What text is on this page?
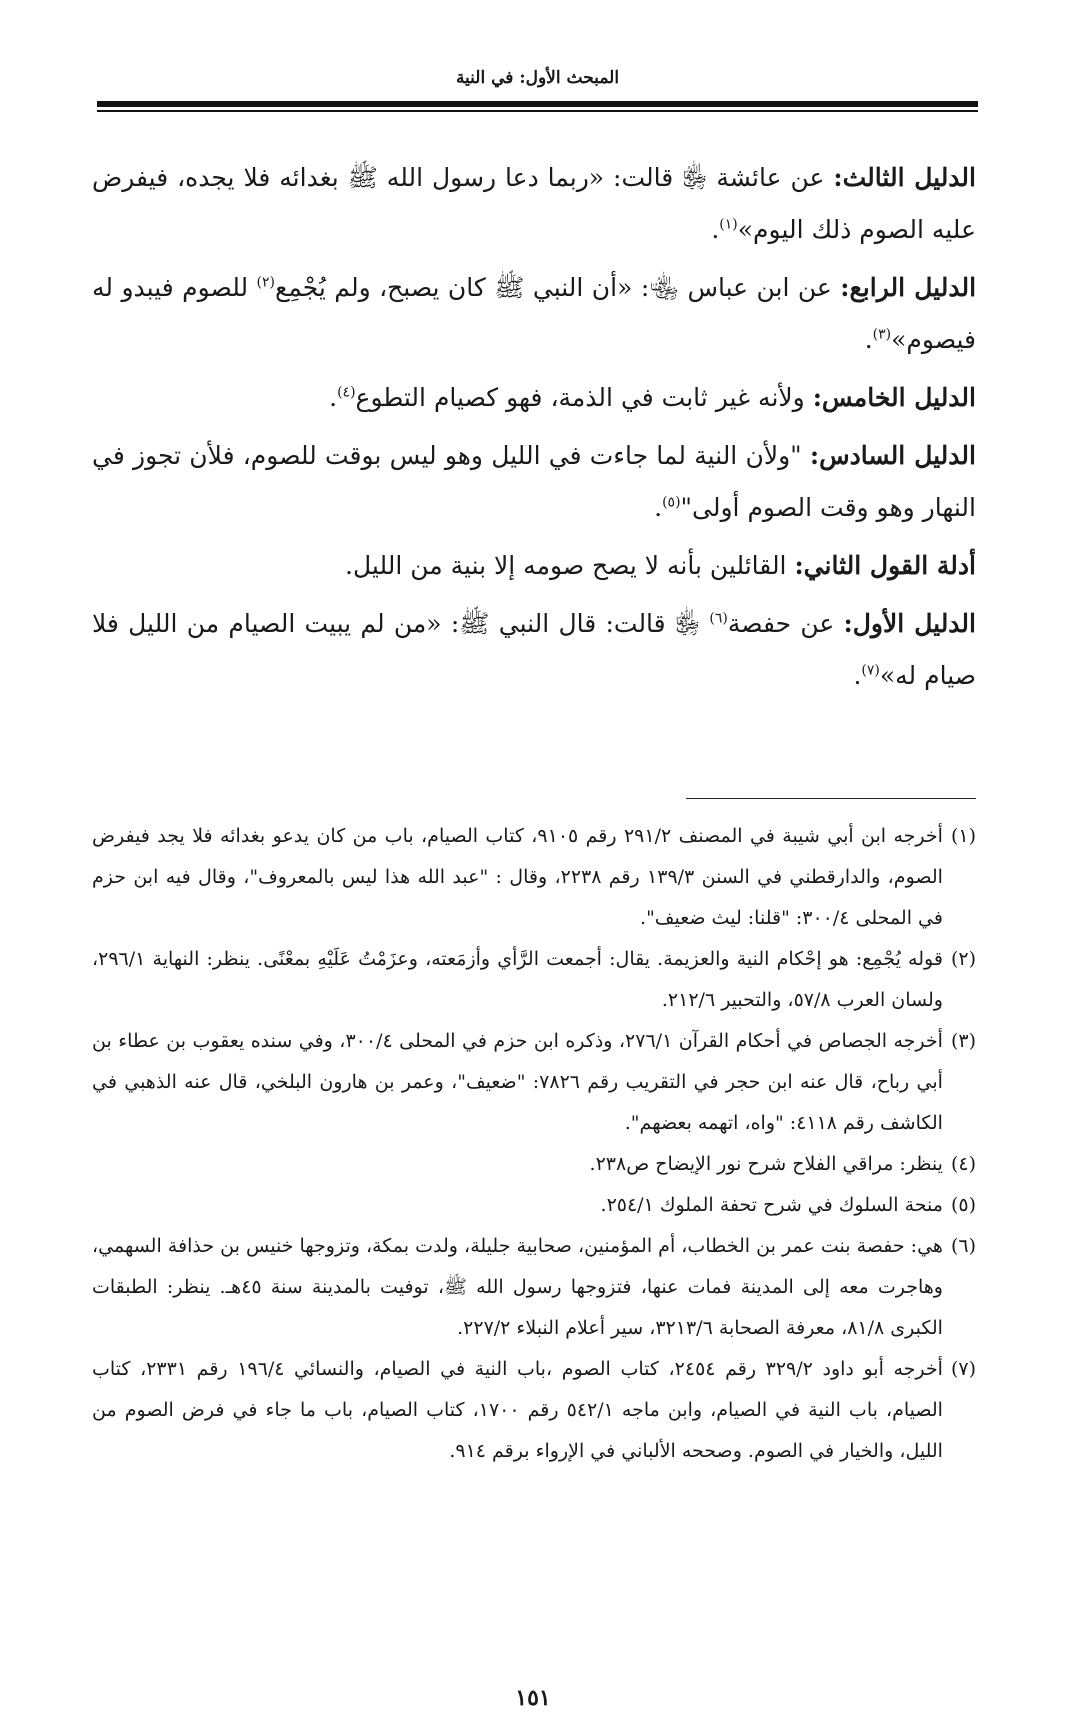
المبحث الأول: في النية

الدليل الثالث: عن عائشة ﵂ قالت: «ربما دعا رسول الله ﷺ بغدائه فلا يجده، فيفرض عليه الصوم ذلك اليوم»$^{(١)}$.

الدليل الرابع: عن ابن عباس ﵄: «أن النبي ﷺ كان يصبح، ولم يُجْمِع$^{(٢)}$ للصوم فيبدو له فيصوم»$^{(٣)}$.

الدليل الخامس: ولأنه غير ثابت في الذمة، فهو كصيام التطوع$^{(٤)}$.

الدليل السادس: "ولأن النية لما جاءت في الليل وهو ليس بوقت للصوم، فلأن تجوز في النهار وهو وقت الصوم أولى"$^{(٥)}$.

أدلة القول الثاني: القائلين بأنه لا يصح صومه إلا بنية من الليل.

الدليل الأول: عن حفصة$^{(٦)}$ ﵂ قالت: قال النبي ﷺ: «من لم يبيت الصيام من الليل فلا صيام له»$^{(٧)}$.

(١)
أخرجه ابن أبي شيبة في المصنف ٢٩١/٢ رقم ٩١٠٥، كتاب الصيام، باب من كان يدعو بغدائه فلا يجد فيفرض الصوم، والدارقطني في السنن ١٣٩/٣ رقم ٢٢٣٨، وقال : "عبد الله هذا ليس بالمعروف"، وقال فيه ابن حزم في المحلى ٣٠٠/٤: "قلنا: ليث ضعيف".
(٢)
قوله يُجْمِع: هو إحْكام النية والعزيمة. يقال: أجمعت الرَّأي وأزمَعته، وعزَمْتُ عَلَيْهِ بمعْنًى. ينظر: النهاية ٢٩٦/١، ولسان العرب ٥٧/٨، والتحبير ٢١٢/٦.
(٣)
أخرجه الجصاص في أحكام القرآن ٢٧٦/١، وذكره ابن حزم في المحلى ٣٠٠/٤، وفي سنده يعقوب بن عطاء بن أبي رباح، قال عنه ابن حجر في التقريب رقم ٧٨٢٦: "ضعيف"، وعمر بن هارون البلخي، قال عنه الذهبي في الكاشف رقم ٤١١٨: "واه، اتهمه بعضهم".
(٤)
ينظر: مراقي الفلاح شرح نور الإيضاح ص٢٣٨.
(٥)
منحة السلوك في شرح تحفة الملوك ٢٥٤/١.
(٦)
هي: حفصة بنت عمر بن الخطاب، أم المؤمنين، صحابية جليلة، ولدت بمكة، وتزوجها خنيس بن حذافة السهمي، وهاجرت معه إلى المدينة فمات عنها، فتزوجها رسول الله ﷺ، توفيت بالمدينة سنة ٤٥هـ. ينظر: الطبقات الكبرى ٨١/٨، معرفة الصحابة ٣٢١٣/٦، سير أعلام النبلاء ٢٢٧/٢.
(٧)
أخرجه أبو داود ٣٢٩/٢ رقم ٢٤٥٤، كتاب الصوم ،باب النية في الصيام، والنسائي ١٩٦/٤ رقم ٢٣٣١، كتاب الصيام، باب النية في الصيام، وابن ماجه ٥٤٢/١ رقم ١٧٠٠، كتاب الصيام، باب ما جاء في فرض الصوم من الليل، والخيار في الصوم. وصححه الألباني في الإرواء برقم ٩١٤.
١٥١
